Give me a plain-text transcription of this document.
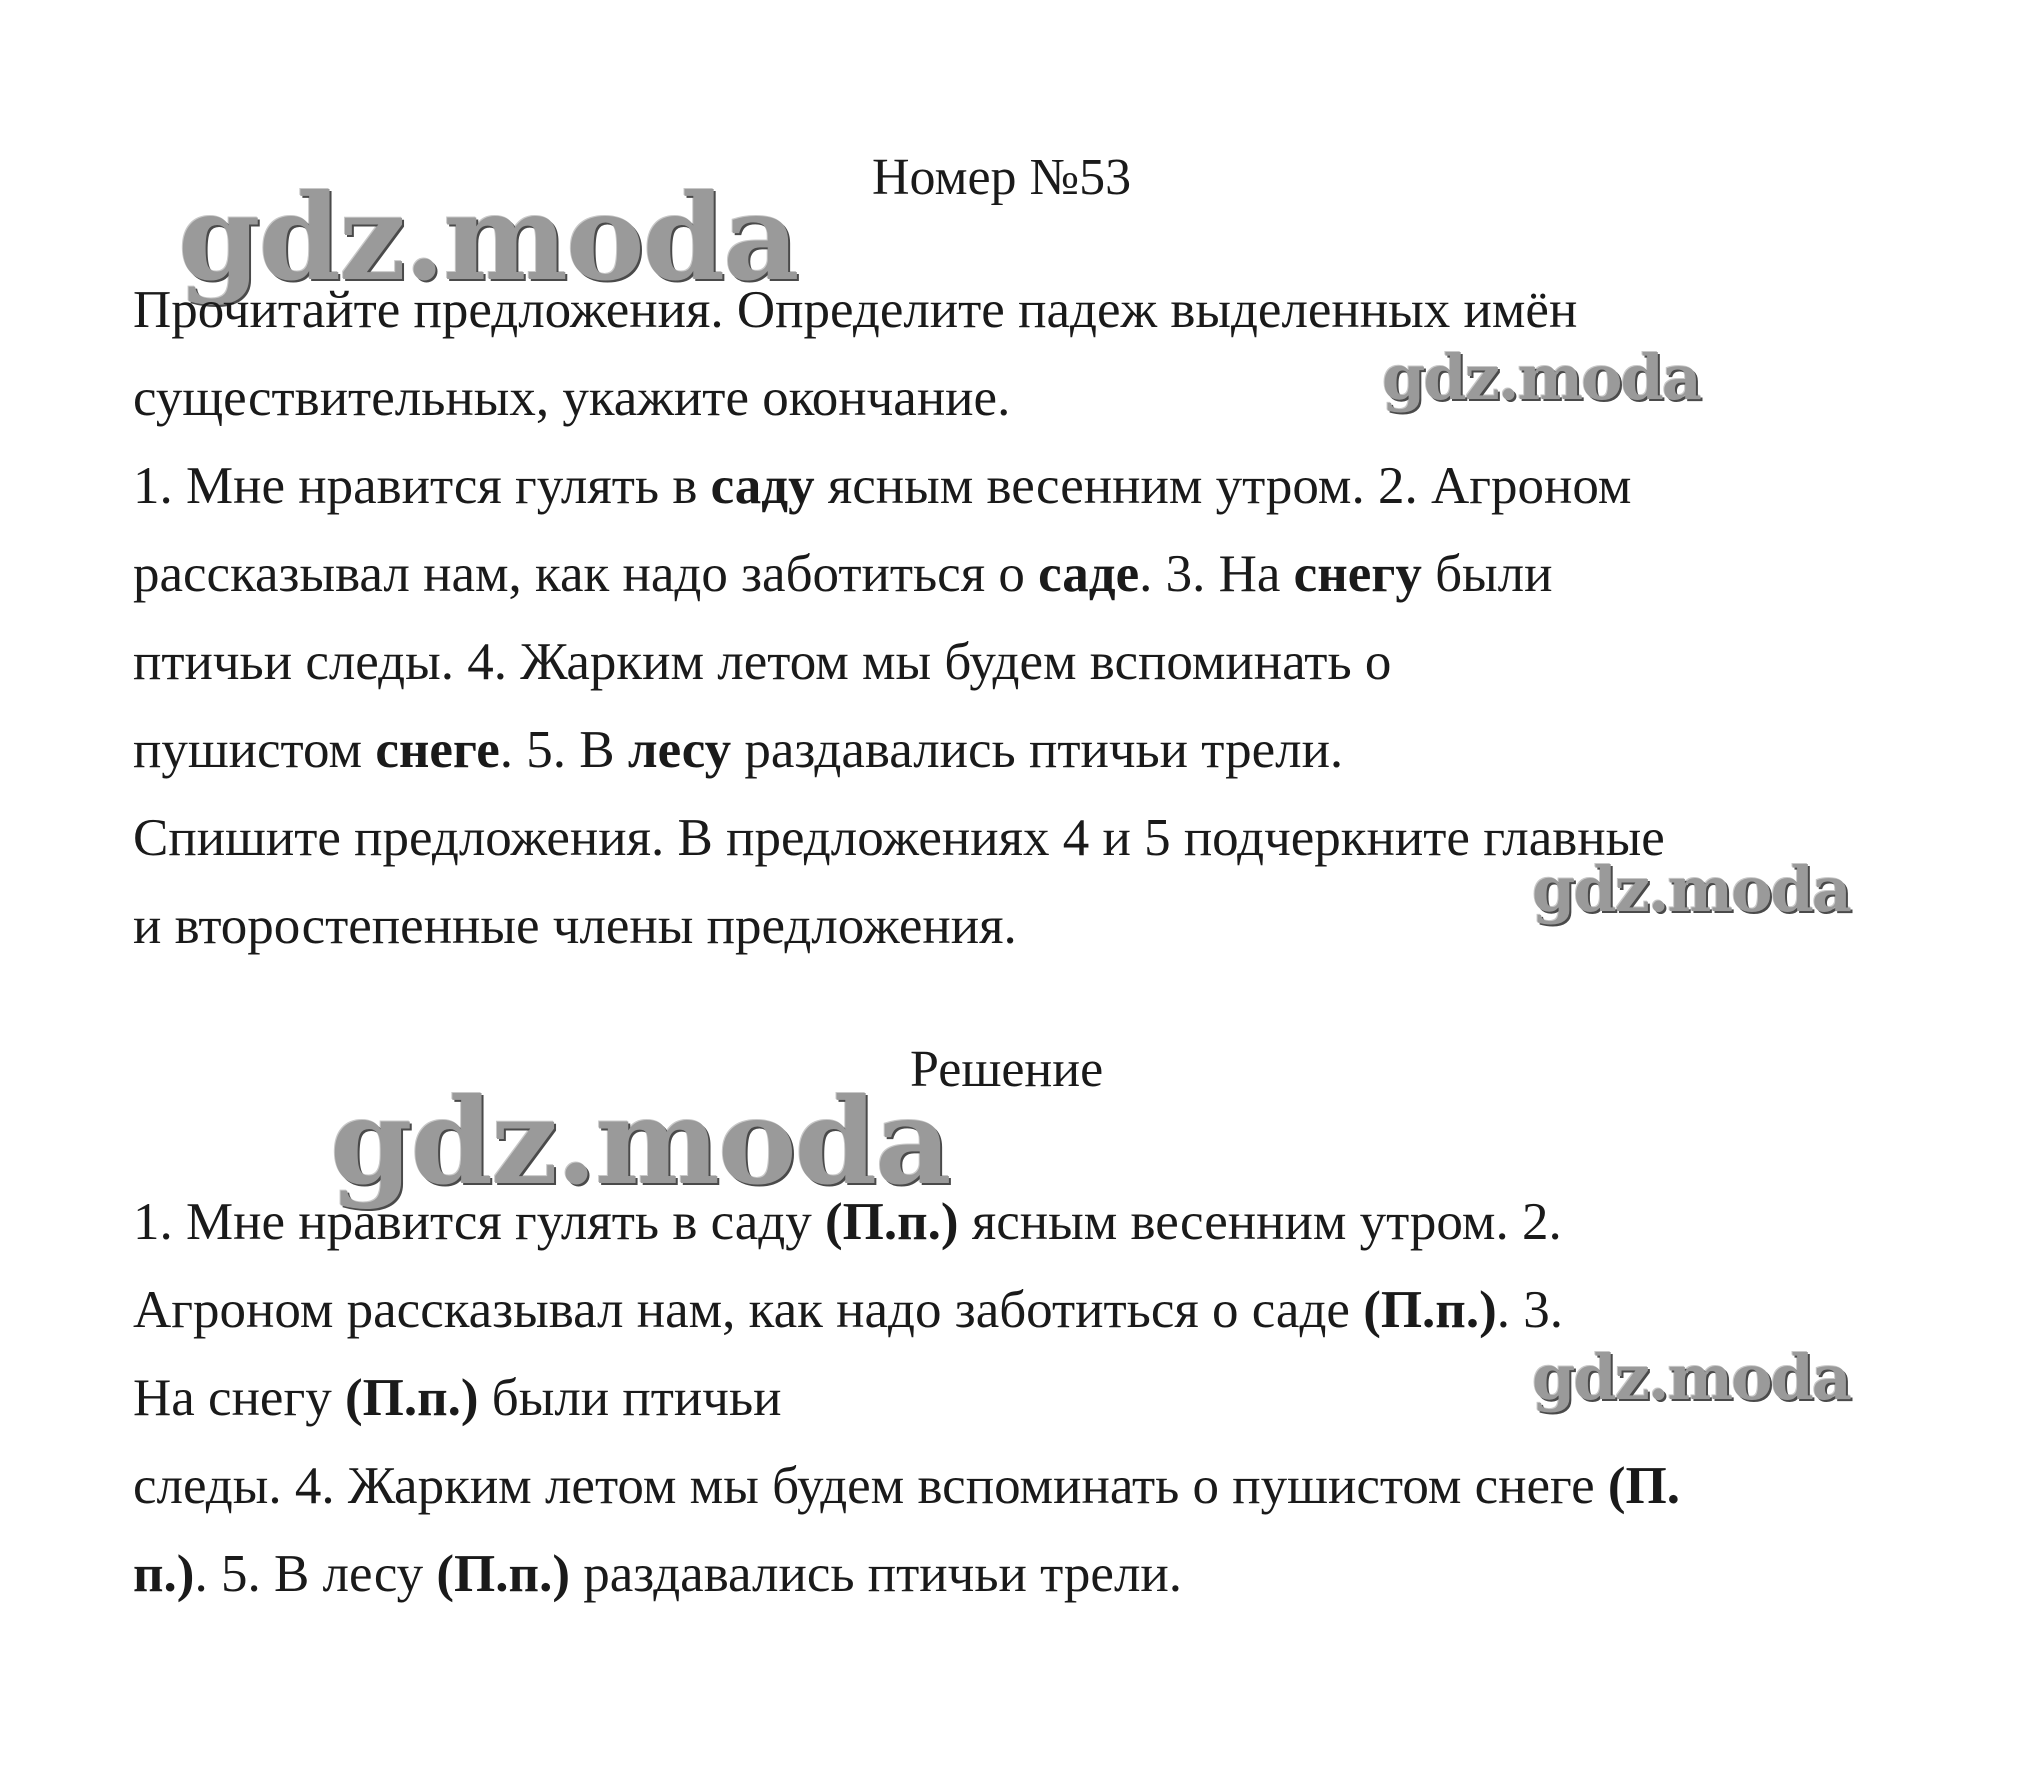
gdz.moda
gdz.moda
gdz.moda
gdz.moda
gdz.moda
Номер №53
Прочитайте предложения. Определите падеж выделенных имён
существительных, укажите окончание.
1. Мне нравится гулять в саду ясным весенним утром. 2. Агроном
рассказывал нам, как надо заботиться о саде. 3. На снегу были
птичьи следы. 4. Жарким летом мы будем вспоминать о
пушистом снеге. 5. В лесу раздавались птичьи трели.
Спишите предложения. В предложениях 4 и 5 подчеркните главные
и второстепенные члены предложения.
Решение
1. Мне нравится гулять в саду (П.п.) ясным весенним утром. 2.
Агроном рассказывал нам, как надо заботиться о саде (П.п.). 3.
На снегу (П.п.) были птичьи
следы. 4. Жарким летом мы будем вспоминать о пушистом снеге (П.
п.). 5. В лесу (П.п.) раздавались птичьи трели.
